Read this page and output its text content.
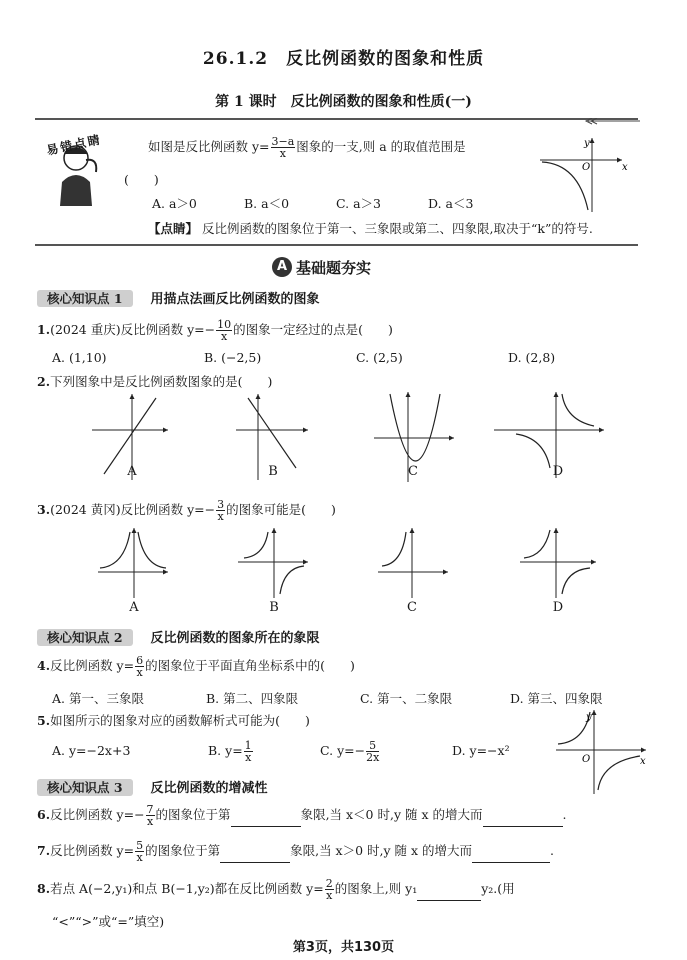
26.1.2　反比例函数的图象和性质
第 1 课时　反比例函数的图象和性质(一)
易错点睛	如图是反比例函数 $y= \frac{3-a}{x}$ 图象的一支,则 a 的取值范围是
(　　)
A. a＞0	B. a＜0	C. a＞3	D. a＜3
【点睛】 反比例函数的图象位于第一、三象限或第二、四象限,取决于“k”的符号.
y
x
O
A 基础题夯实
核心知识点 1 用描点法画反比例函数的图象
1.(2024 重庆)反比例函数 $y=- \frac{10}{x}$ 的图象一定经过的点是(　　)
A. (1,10)	B. (−2,5)	C. (2,5)	D. (2,8)
2.下列图象中是反比例函数图象的是(　　)
A	B	C	D
3.(2024 黄冈)反比例函数 $y=- \frac{3}{x}$ 的图象可能是(　　)
A	B	C	D
核心知识点 2 反比例函数的图象所在的象限
4.反比例函数 $y= \frac{6}{x}$ 的图象位于平面直角坐标系中的(　　)
A. 第一、三象限	B. 第二、四象限	C. 第一、二象限	D. 第三、四象限
5.如图所示的图象对应的函数解析式可能为(　　)
A. y=−2x+3	B. $y= \frac{1}{x}$	C. $y=- \frac{5}{2x}$	D. y=−x²
y
x
O
核心知识点 3 反比例函数的增减性
6.反比例函数 $y=- \frac{7}{x}$ 的图象位于第	象限,当 x＜0 时,y 随 x 的增大而	.
7.反比例函数 $y= \frac{5}{x}$ 的图象位于第	象限,当 x＞0 时,y 随 x 的增大而	.
8.若点 A(−2,y₁)和点 B(−1,y₂)都在反比例函数 $y= \frac{2}{x}$ 的图象上,则 y₁	y₂.(用
“<”“>”或“=”填空)
第3页，共130页
